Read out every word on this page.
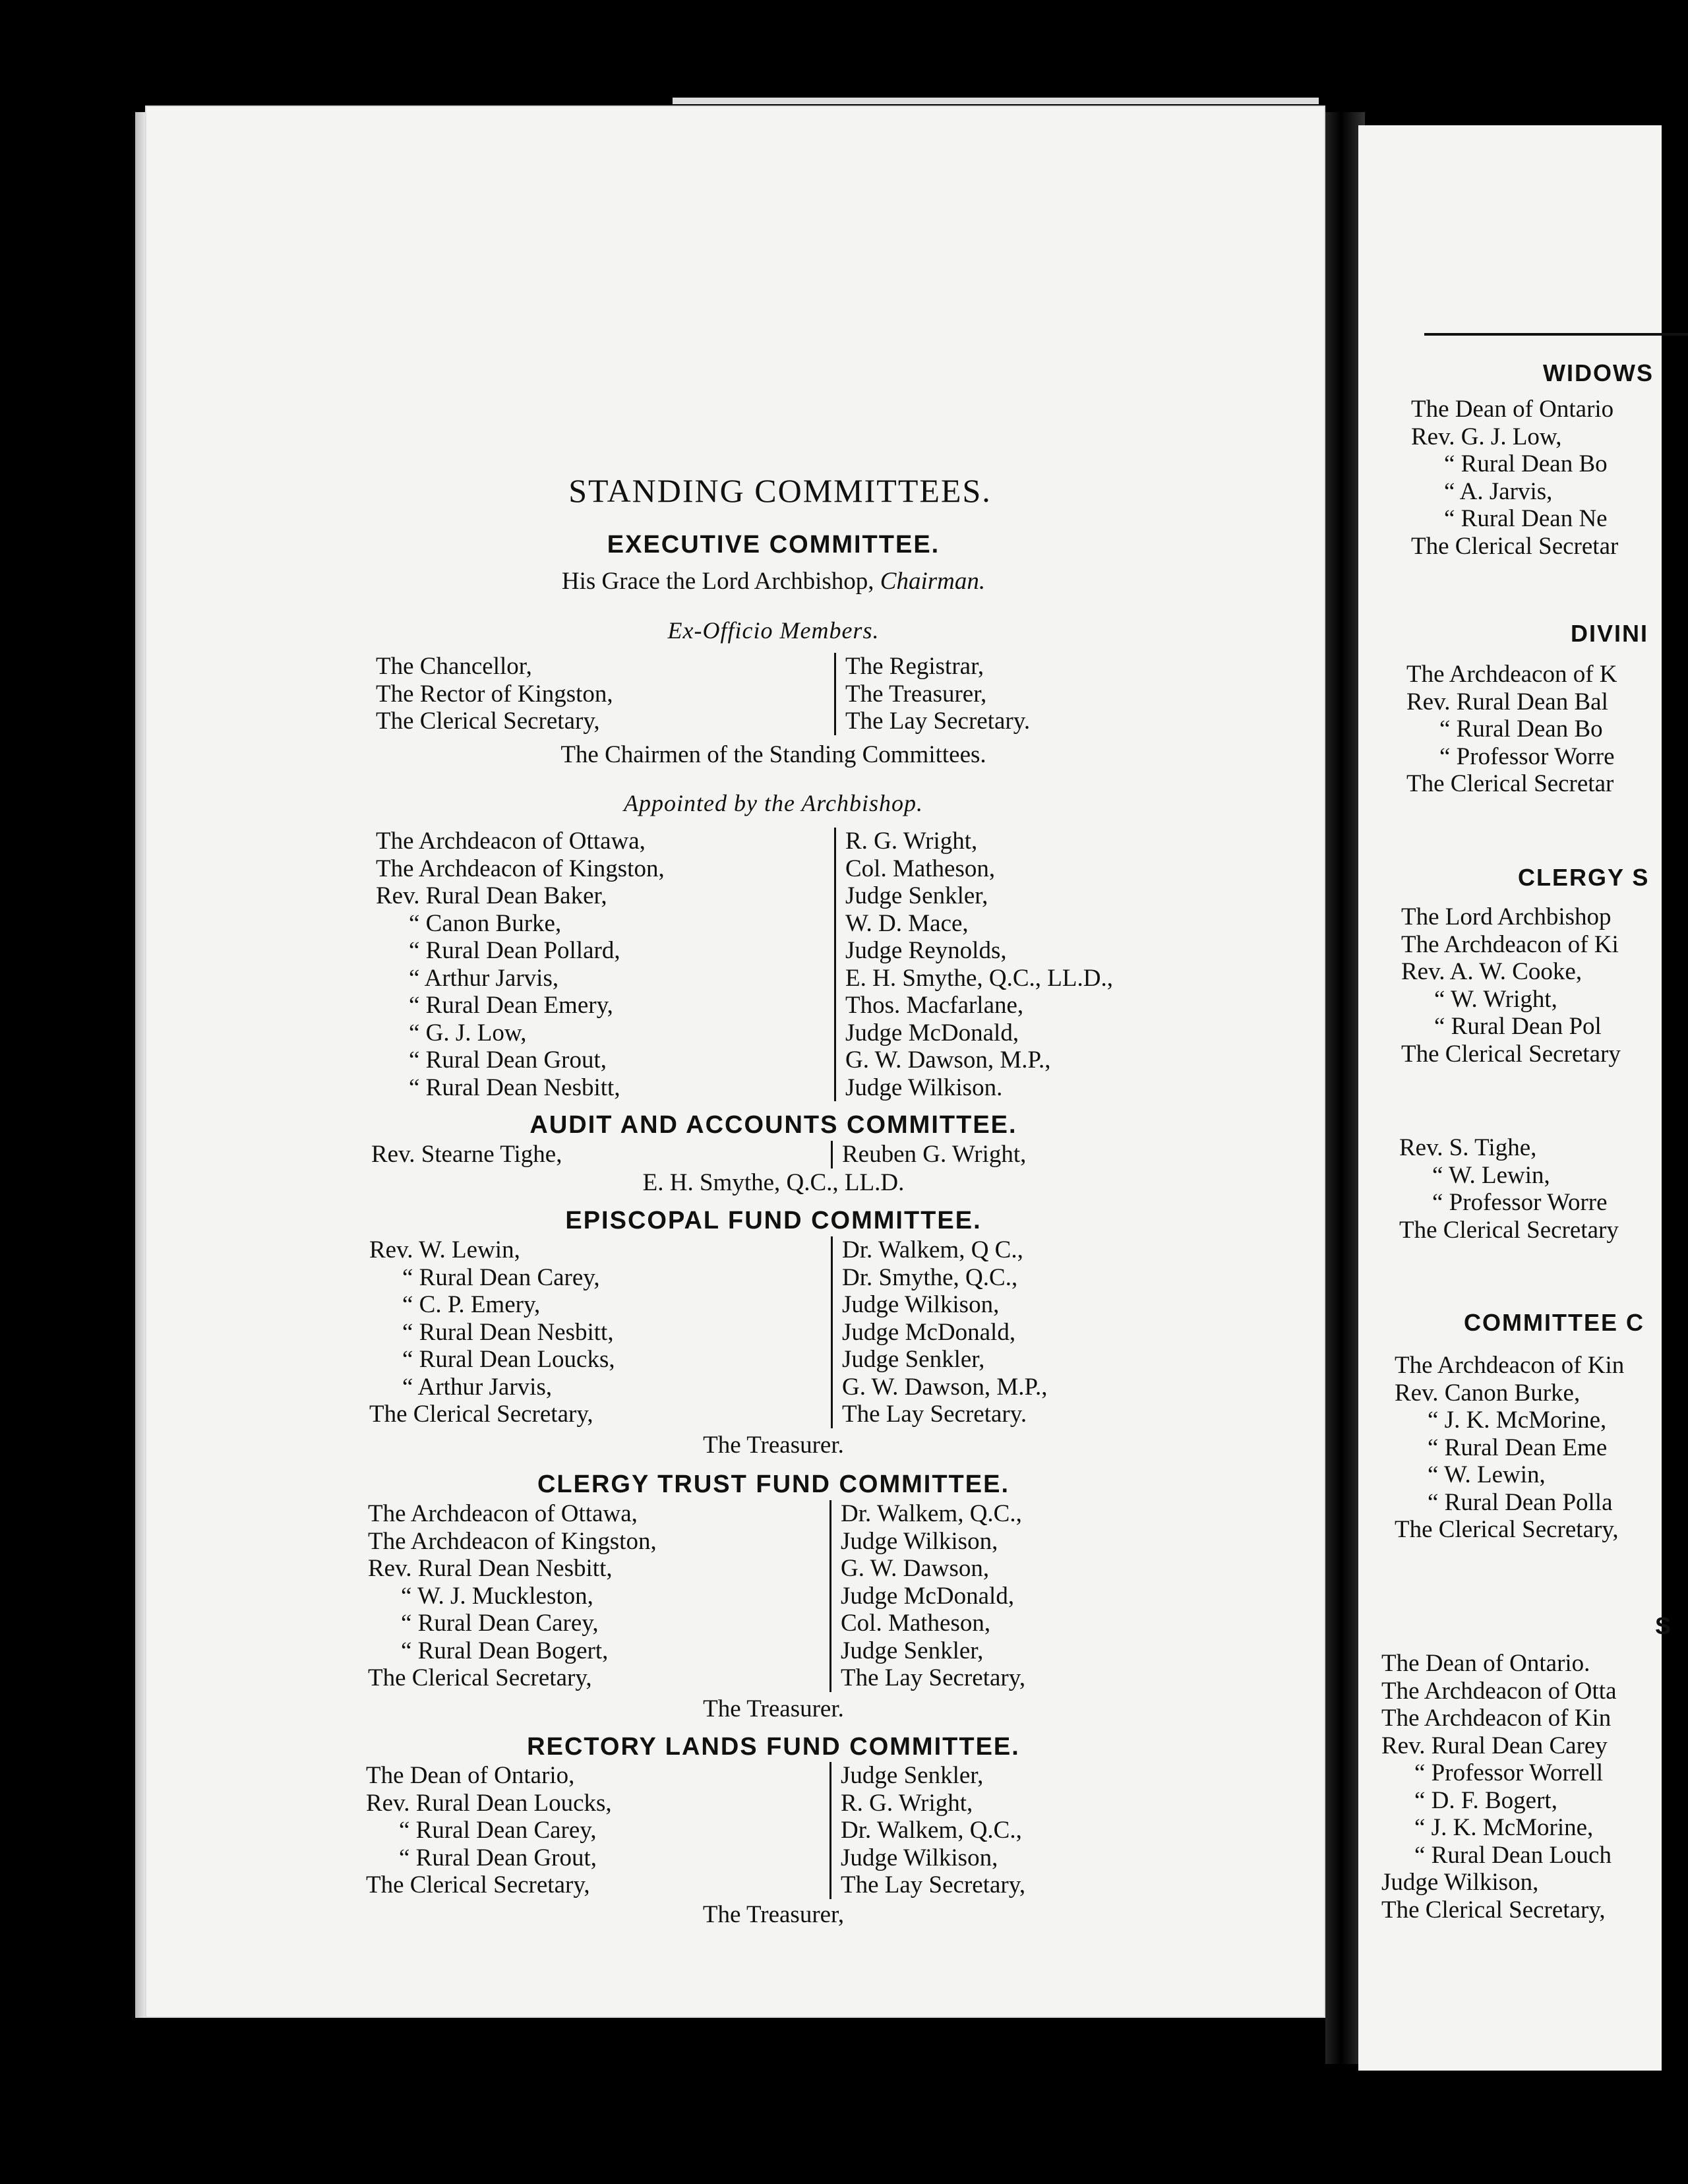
STANDING COMMITTEES.
EXECUTIVE COMMITTEE.
His Grace the Lord Archbishop, Chairman.
Ex-Officio Members.
The Chancellor,
The Rector of Kingston,
The Clerical Secretary,
The Registrar,
The Treasurer,
The Lay Secretary.
The Chairmen of the Standing Committees.
Appointed by the Archbishop.
The Archdeacon of Ottawa,
The Archdeacon of Kingston,
Rev. Rural Dean Baker,
“ Canon Burke,
“ Rural Dean Pollard,
“ Arthur Jarvis,
“ Rural Dean Emery,
“ G. J. Low,
“ Rural Dean Grout,
“ Rural Dean Nesbitt,
R. G. Wright,
Col. Matheson,
Judge Senkler,
W. D. Mace,
Judge Reynolds,
E. H. Smythe, Q.C., LL.D.,
Thos. Macfarlane,
Judge McDonald,
G. W. Dawson, M.P.,
Judge Wilkison.
AUDIT AND ACCOUNTS COMMITTEE.
Rev. Stearne Tighe,	Reuben G. Wright,
E. H. Smythe, Q.C., LL.D.
EPISCOPAL FUND COMMITTEE.
Rev. W. Lewin,
“ Rural Dean Carey,
“ C. P. Emery,
“ Rural Dean Nesbitt,
“ Rural Dean Loucks,
“ Arthur Jarvis,
The Clerical Secretary,
Dr. Walkem, Q C.,
Dr. Smythe, Q.C.,
Judge Wilkison,
Judge McDonald,
Judge Senkler,
G. W. Dawson, M.P.,
The Lay Secretary.
The Treasurer.
CLERGY TRUST FUND COMMITTEE.
The Archdeacon of Ottawa,
The Archdeacon of Kingston,
Rev. Rural Dean Nesbitt,
“ W. J. Muckleston,
“ Rural Dean Carey,
“ Rural Dean Bogert,
The Clerical Secretary,
Dr. Walkem, Q.C.,
Judge Wilkison,
G. W. Dawson,
Judge McDonald,
Col. Matheson,
Judge Senkler,
The Lay Secretary,
The Treasurer.
RECTORY LANDS FUND COMMITTEE.
The Dean of Ontario,
Rev. Rural Dean Loucks,
“ Rural Dean Carey,
“ Rural Dean Grout,
The Clerical Secretary,
Judge Senkler,
R. G. Wright,
Dr. Walkem, Q.C.,
Judge Wilkison,
The Lay Secretary,
The Treasurer,
WIDOWS
The Dean of Ontario
Rev. G. J. Low,
“ Rural Dean Bo
“ A. Jarvis,
“ Rural Dean Ne
The Clerical Secretar
DIVINI
The Archdeacon of K
Rev. Rural Dean Bal
“ Rural Dean Bo
“ Professor Worre
The Clerical Secretar
CLERGY S
The Lord Archbishop
The Archdeacon of Ki
Rev. A. W. Cooke,
“ W. Wright,
“ Rural Dean Pol
The Clerical Secretary
Rev. S. Tighe,
“ W. Lewin,
“ Professor Worre
The Clerical Secretary
COMMITTEE C
The Archdeacon of Kin
Rev. Canon Burke,
“ J. K. McMorine,
“ Rural Dean Eme
“ W. Lewin,
“ Rural Dean Polla
The Clerical Secretary,
S
The Dean of Ontario.
The Archdeacon of Otta
The Archdeacon of Kin
Rev. Rural Dean Carey
“ Professor Worrell
“ D. F. Bogert,
“ J. K. McMorine,
“ Rural Dean Louch
Judge Wilkison,
The Clerical Secretary,
